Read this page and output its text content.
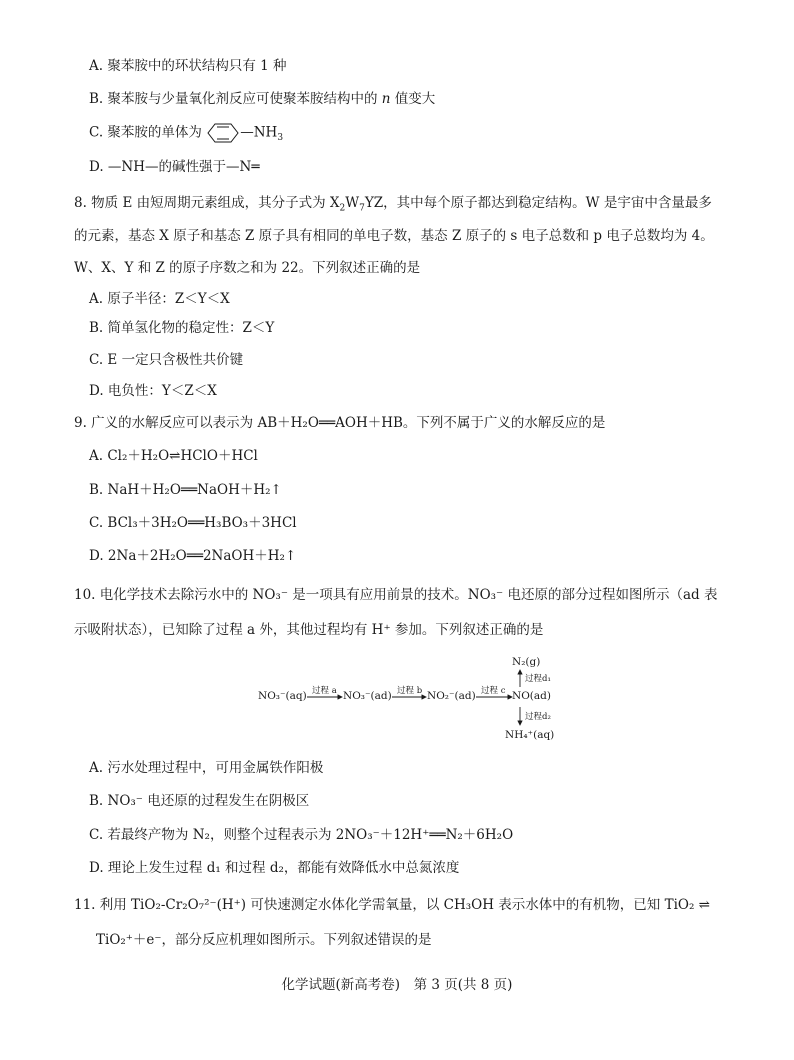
A. 聚苯胺中的环状结构只有 1 种
B. 聚苯胺与少量氧化剂反应可使聚苯胺结构中的 n 值变大
C. 聚苯胺的单体为	$—NH_3$
D. —NH—的碱性强于—N═
8. 物质 E 由短周期元素组成，其分子式为 $X_2W_7YZ$，其中每个原子都达到稳定结构。W 是宇宙中含量最多
的元素，基态 X 原子和基态 Z 原子具有相同的单电子数，基态 Z 原子的 s 电子总数和 p 电子总数均为 4。
W、X、Y 和 Z 的原子序数之和为 22。下列叙述正确的是
A. 原子半径：Z＜Y＜X
B. 简单氢化物的稳定性：Z＜Y
C. E 一定只含极性共价键
D. 电负性：Y＜Z＜X
9. 广义的水解反应可以表示为 AB＋H₂O══AOH＋HB。下列不属于广义的水解反应的是
A. Cl₂＋H₂O⇌HClO＋HCl
B. NaH＋H₂O══NaOH＋H₂↑
C. BCl₃＋3H₂O══H₃BO₃＋3HCl
D. 2Na＋2H₂O══2NaOH＋H₂↑
10. 电化学技术去除污水中的 NO₃⁻ 是一项具有应用前景的技术。NO₃⁻ 电还原的部分过程如图所示（ad 表
示吸附状态），已知除了过程 a 外，其他过程均有 H⁺ 参加。下列叙述正确的是
NO₃⁻(aq) 过程 a NO₃⁻(ad) 过程 b NO₂⁻(ad) 过程 c NO(ad)
N₂(g)
过程d₁
过程d₂
NH₄⁺(aq)
A. 污水处理过程中，可用金属铁作阳极
B. NO₃⁻ 电还原的过程发生在阴极区
C. 若最终产物为 N₂，则整个过程表示为 2NO₃⁻＋12H⁺══N₂＋6H₂O
D. 理论上发生过程 d₁ 和过程 d₂，都能有效降低水中总氮浓度
11. 利用 TiO₂-Cr₂O₇²⁻(H⁺) 可快速测定水体化学需氧量，以 CH₃OH 表示水体中的有机物，已知 TiO₂ ⇌
TiO₂⁺＋e⁻，部分反应机理如图所示。下列叙述错误的是
化学试题(新高考卷)　第 3 页(共 8 页)
